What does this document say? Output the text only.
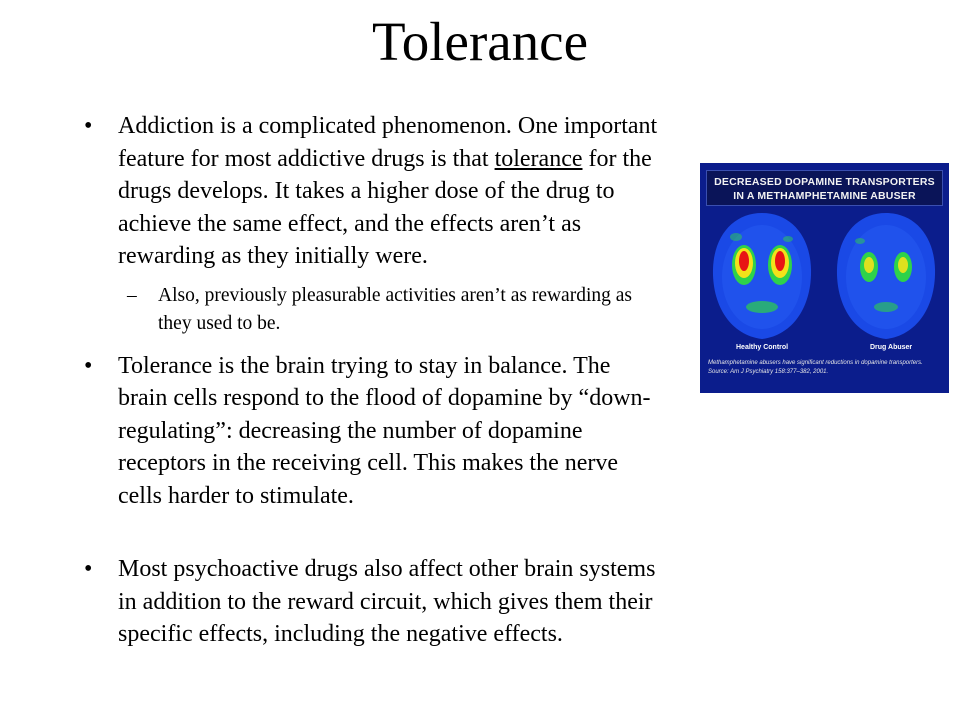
Tolerance
• Addiction is a complicated phenomenon. One important feature for most addictive drugs is that tolerance for the drugs develops. It takes a higher dose of the drug to achieve the same effect, and the effects aren’t as rewarding as they initially were.
– Also, previously pleasurable activities aren’t as rewarding as they used to be.
• Tolerance is the brain trying to stay in balance. The brain cells respond to the flood of dopamine by “down-regulating”: decreasing the number of dopamine receptors in the receiving cell. This makes the nerve cells harder to stimulate.
• Most psychoactive drugs also affect other brain systems in addition to the reward circuit, which gives them their specific effects, including the negative effects.
DECREASED DOPAMINE TRANSPORTERS
IN A METHAMPHETAMINE ABUSER
Healthy Control	Drug Abuser
Methamphetamine abusers have significant reductions in dopamine transporters.
Source: Am J Psychiatry 158:377–382, 2001.
